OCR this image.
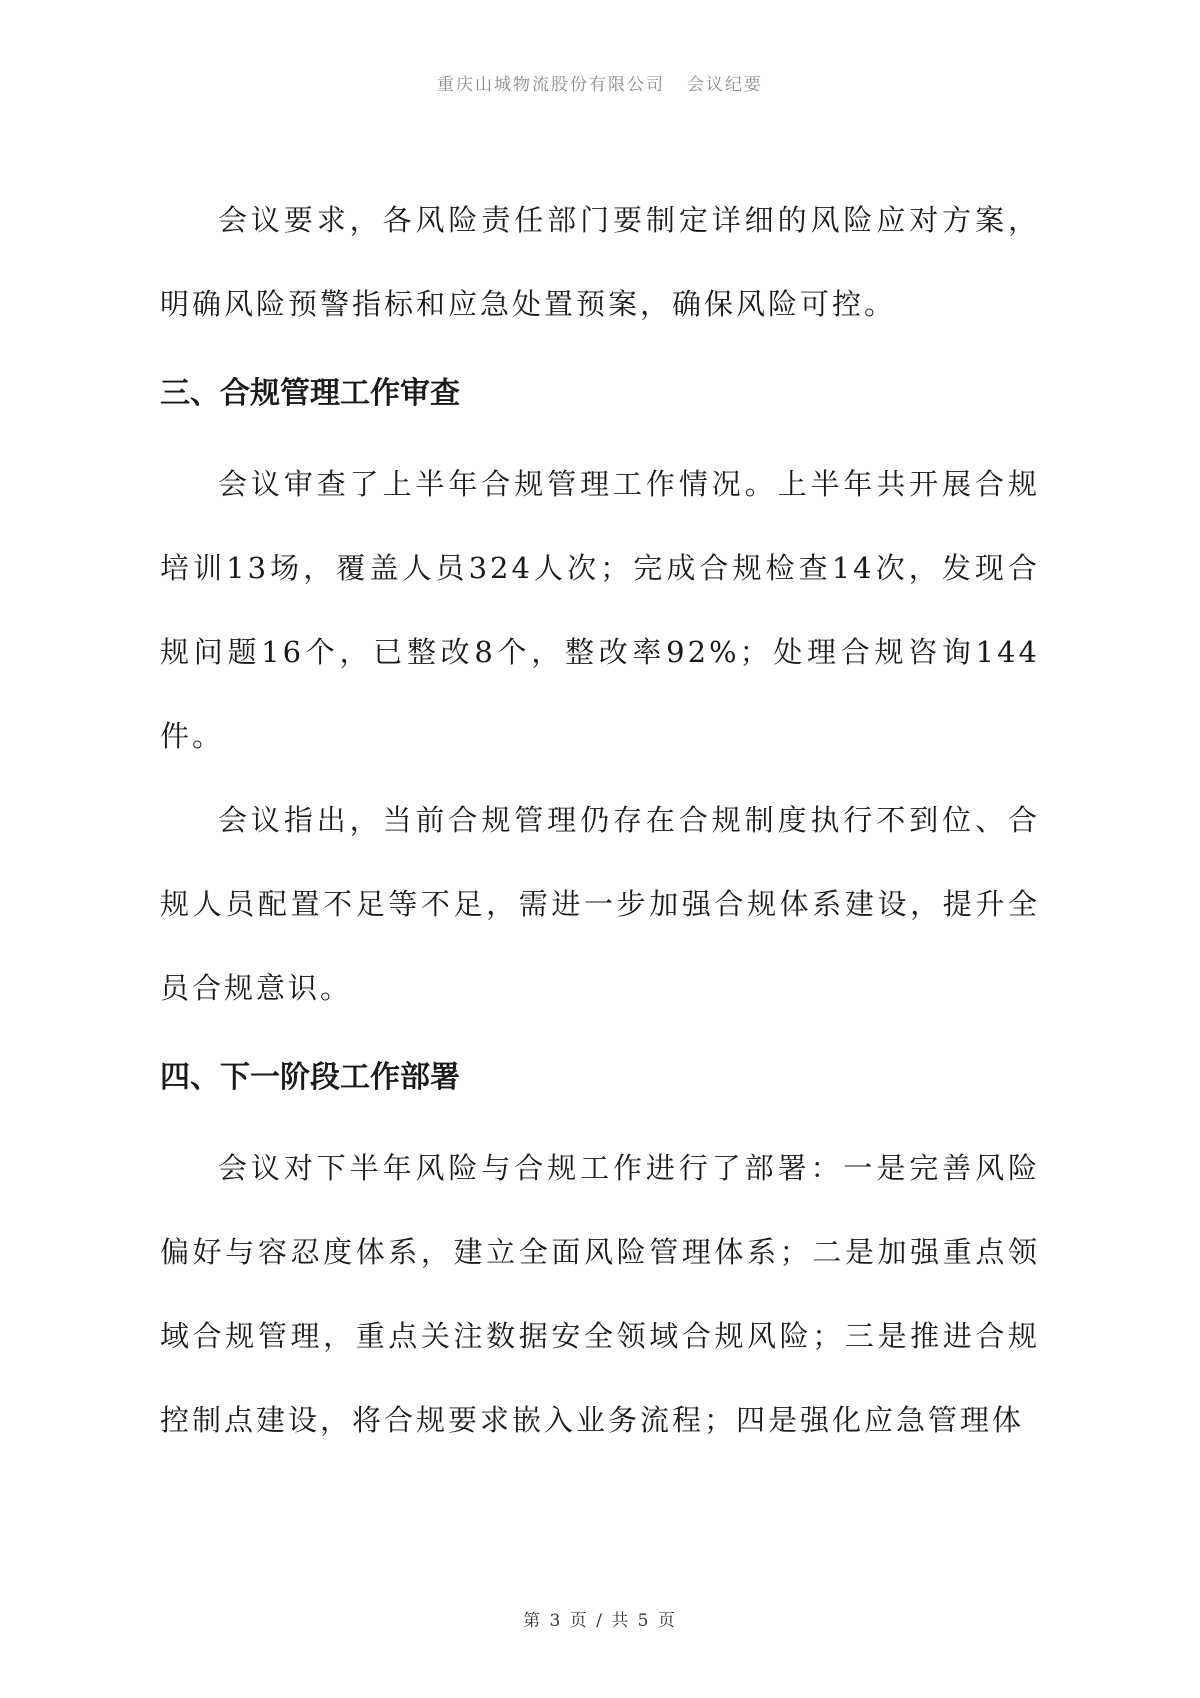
重庆山城物流股份有限公司 会议纪要

会议要求，各风险责任部门要制定详细的风险应对方案，明确风险预警指标和应急处置预案，确保风险可控。

三、合规管理工作审查

会议审查了上半年合规管理工作情况。上半年共开展合规培训13场，覆盖人员324人次；完成合规检查14次，发现合规问题16个，已整改8个，整改率92%；处理合规咨询144件。

会议指出，当前合规管理仍存在合规制度执行不到位、合规人员配置不足等不足，需进一步加强合规体系建设，提升全员合规意识。

四、下一阶段工作部署

会议对下半年风险与合规工作进行了部署：一是完善风险偏好与容忍度体系，建立全面风险管理体系；二是加强重点领域合规管理，重点关注数据安全领域合规风险；三是推进合规控制点建设，将合规要求嵌入业务流程；四是强化应急管理体

第 3 页 / 共 5 页
